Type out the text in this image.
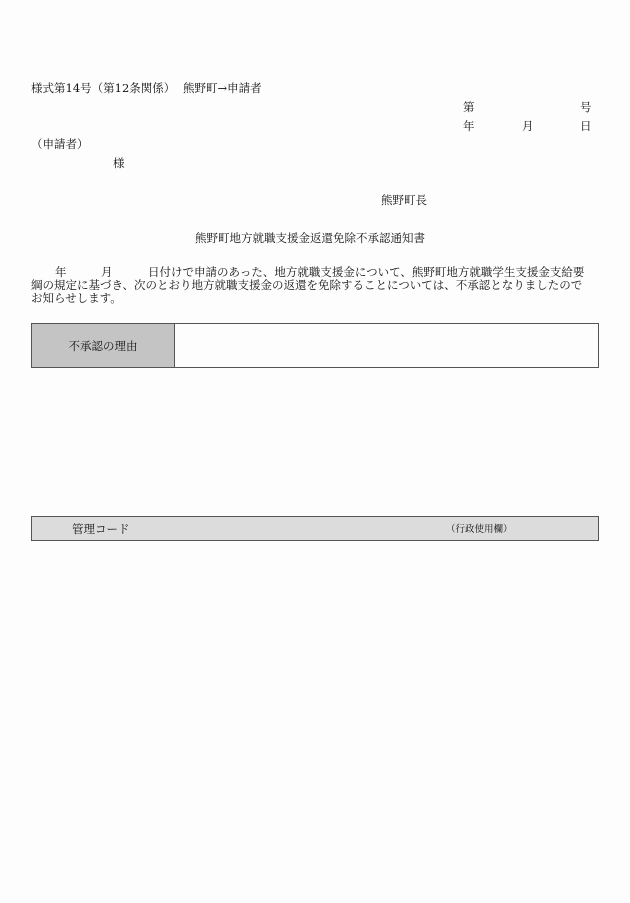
様式第14号（第12条関係） 熊野町→申請者
第	号
年	月	日
（申請者）
様
熊野町長
熊野町地方就職支援金返還免除不承認通知書
年	月	日付けで申請のあった、地方就職支援金について、熊野町地方就職学生支援金支給要
綱の規定に基づき、次のとおり地方就職支援金の返還を免除することについては、不承認となりましたので
お知らせします。
不承認の理由
管理コード	（行政使用欄）
